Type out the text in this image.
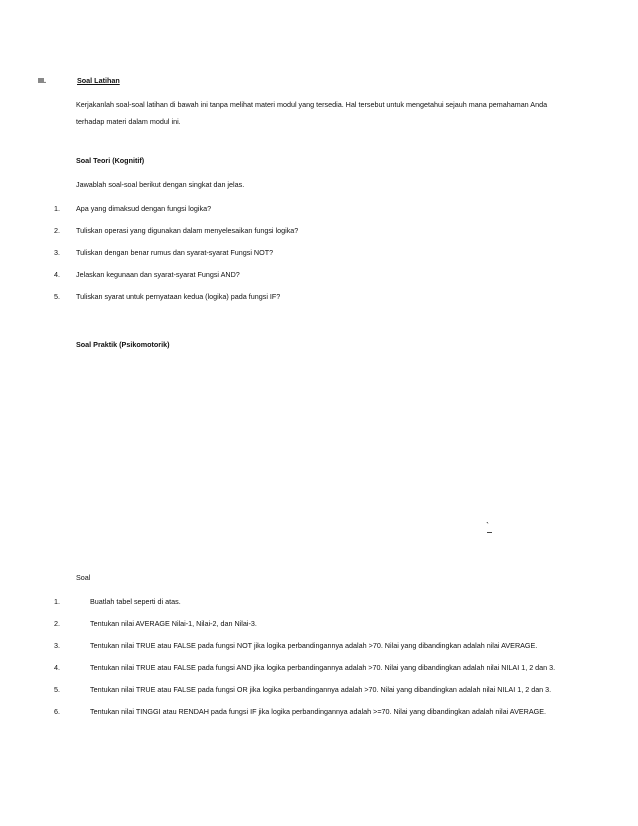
III.	Soal Latihan
Kerjakanlah soal-soal latihan di bawah ini tanpa melihat materi modul yang tersedia. Hal tersebut untuk mengetahui sejauh mana pemahaman Anda terhadap materi dalam modul ini.
Soal Teori (Kognitif)
Jawablah soal-soal berikut dengan singkat dan jelas.
1. Apa yang dimaksud dengan fungsi logika?
2. Tuliskan operasi yang digunakan dalam menyelesaikan fungsi logika?
3. Tuliskan dengan benar rumus dan syarat-syarat Fungsi NOT?
4. Jelaskan kegunaan dan syarat-syarat Fungsi AND?
5. Tuliskan syarat untuk pernyataan kedua (logika) pada fungsi IF?
Soal Praktik (Psikomotorik)
`
Soal
1.	Buatlah tabel seperti di atas.
2.	Tentukan nilai AVERAGE Nilai-1, Nilai-2, dan Nilai-3.
3.	Tentukan nilai TRUE atau FALSE pada fungsi NOT jika logika perbandingannya adalah >70. Nilai yang dibandingkan adalah nilai AVERAGE.
4.	Tentukan nilai TRUE atau FALSE pada fungsi AND jika logika perbandingannya adalah >70. Nilai yang dibandingkan adalah nilai NILAI 1, 2 dan 3.
5.	Tentukan nilai TRUE atau FALSE pada fungsi OR jika logika perbandingannya adalah >70. Nilai yang dibandingkan adalah nilai NILAI 1, 2 dan 3.
6.	Tentukan nilai TINGGI atau RENDAH pada fungsi IF jika logika perbandingannya adalah >=70. Nilai yang dibandingkan adalah nilai AVERAGE.
